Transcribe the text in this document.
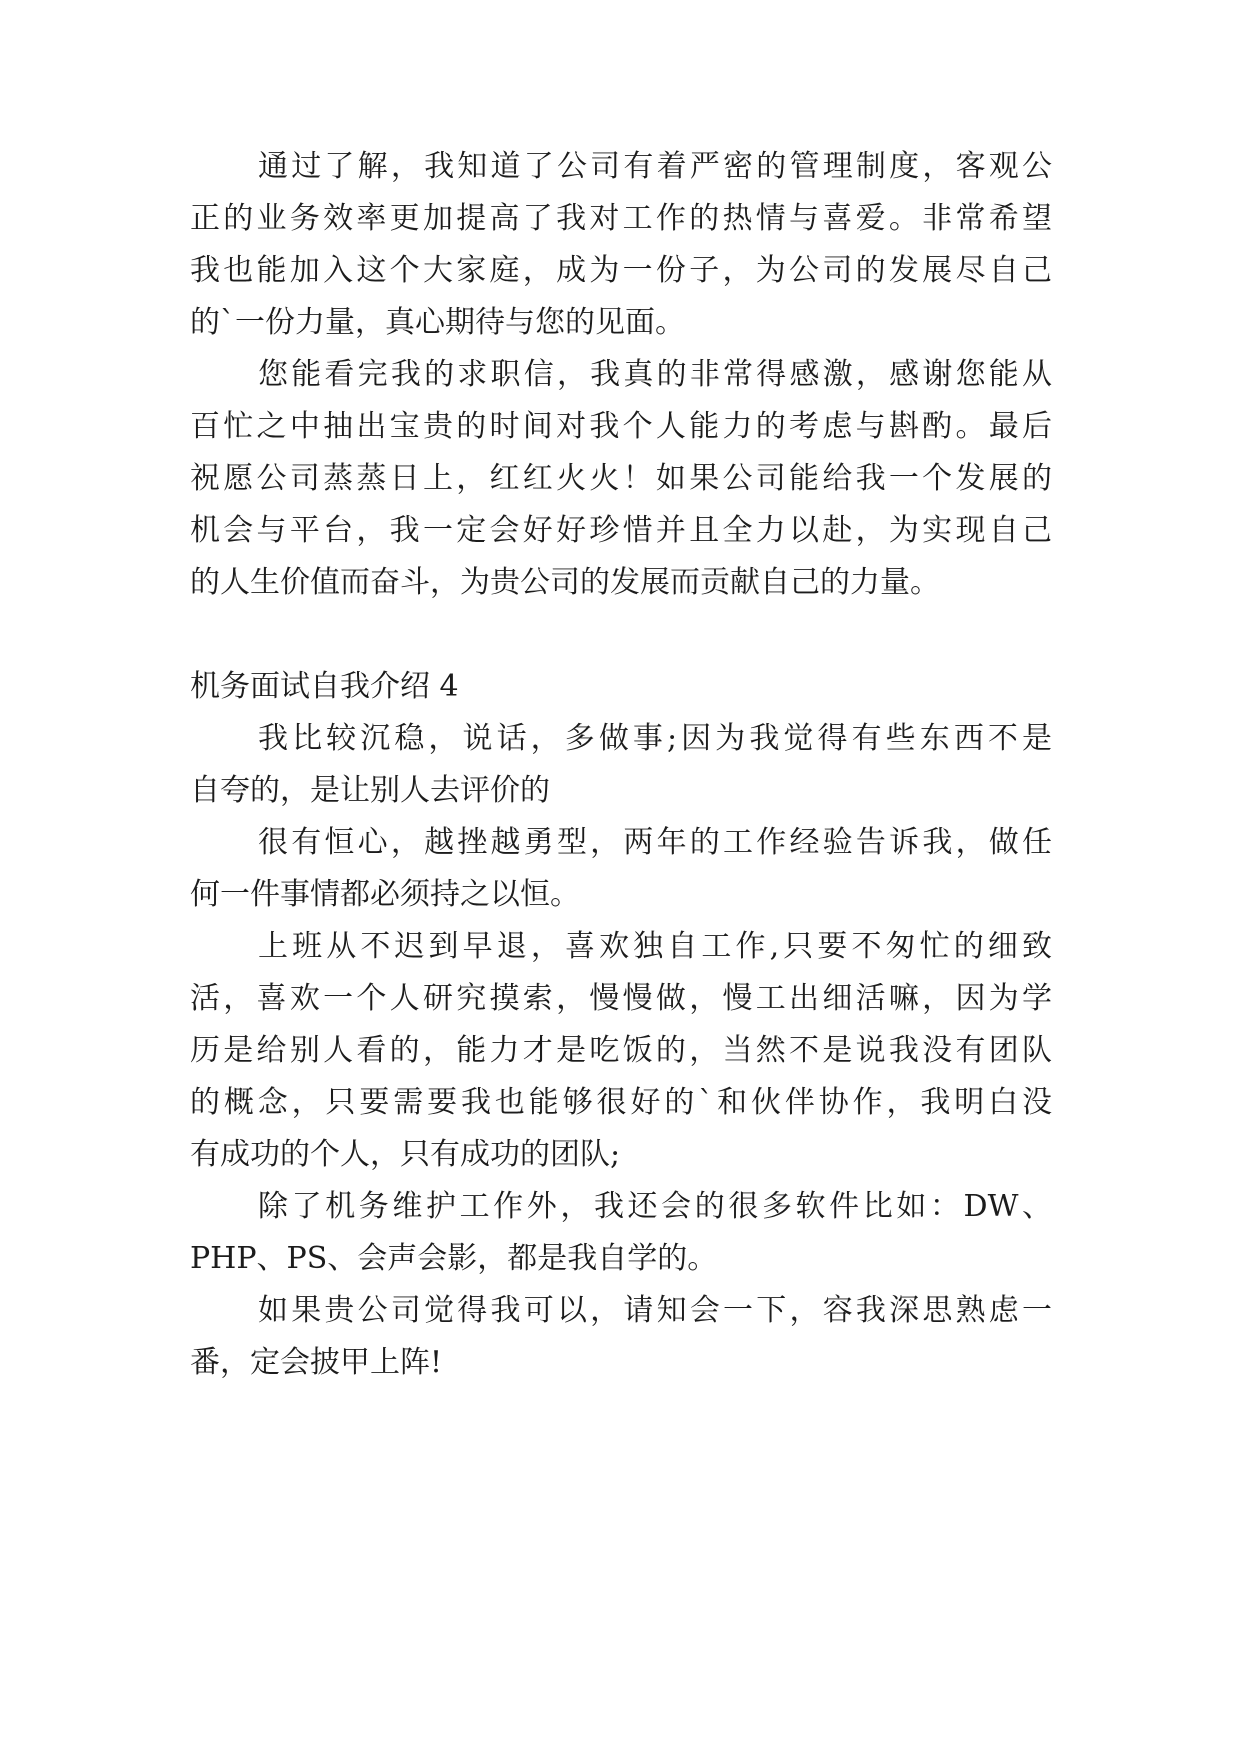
通过了解，我知道了公司有着严密的管理制度，客观公
正的业务效率更加提高了我对工作的热情与喜爱。非常希望
我也能加入这个大家庭，成为一份子，为公司的发展尽自己
的`一份力量，真心期待与您的见面。
您能看完我的求职信，我真的非常得感激，感谢您能从
百忙之中抽出宝贵的时间对我个人能力的考虑与斟酌。最后
祝愿公司蒸蒸日上，红红火火！如果公司能给我一个发展的
机会与平台，我一定会好好珍惜并且全力以赴，为实现自己
的人生价值而奋斗，为贵公司的发展而贡献自己的力量。
机务面试自我介绍 4
我比较沉稳，说话，多做事;因为我觉得有些东西不是
自夸的，是让别人去评价的
很有恒心，越挫越勇型，两年的工作经验告诉我，做任
何一件事情都必须持之以恒。
上班从不迟到早退，喜欢独自工作,只要不匆忙的细致
活，喜欢一个人研究摸索，慢慢做，慢工出细活嘛，因为学
历是给别人看的，能力才是吃饭的，当然不是说我没有团队
的概念，只要需要我也能够很好的`和伙伴协作，我明白没
有成功的个人，只有成功的团队;
除了机务维护工作外，我还会的很多软件比如：DW、
PHP、PS、会声会影，都是我自学的。
如果贵公司觉得我可以，请知会一下，容我深思熟虑一
番，定会披甲上阵!
